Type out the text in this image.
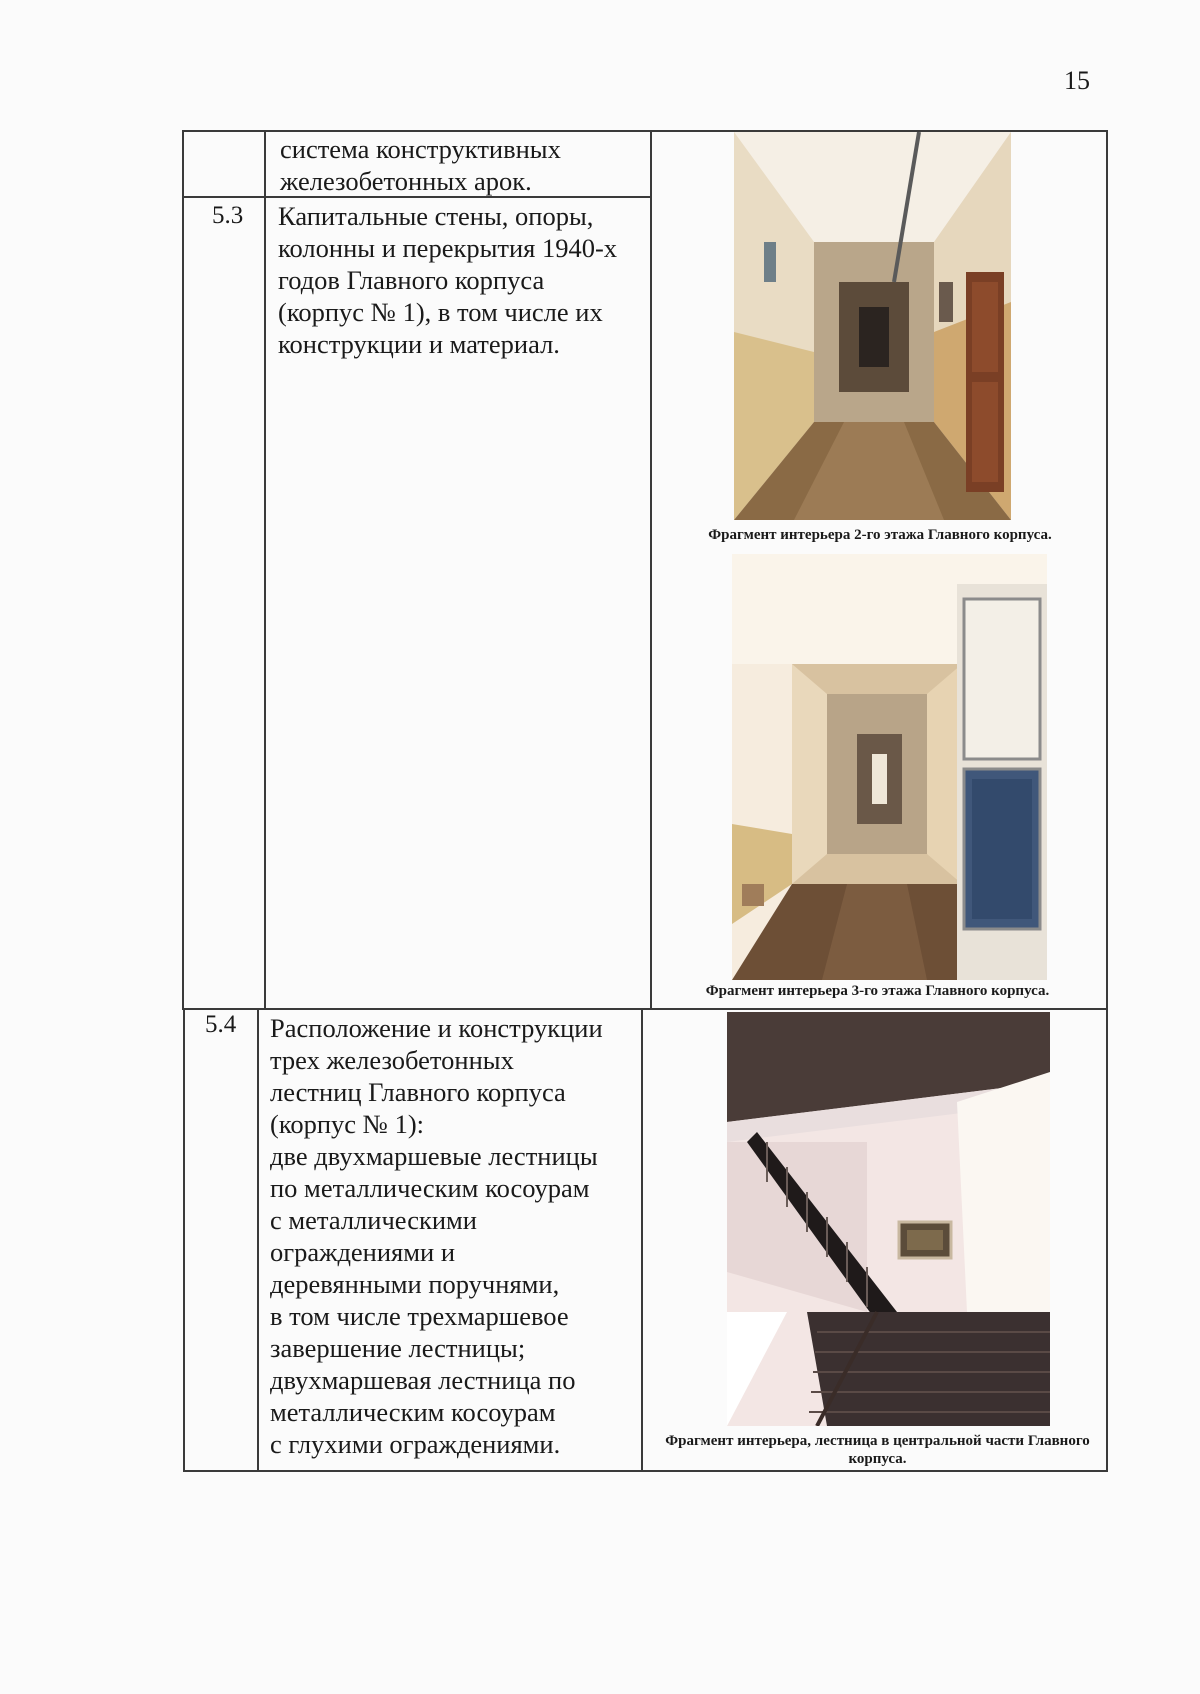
15
система конструктивных
железобетонных арок.
5.3 Капитальные стены, опоры,
колонны и перекрытия 1940-х
годов Главного корпуса
(корпус № 1), в том числе их
конструкции и материал.
Фрагмент интерьера 2-го этажа Главного корпуса.
Фрагмент интерьера 3-го этажа Главного корпуса.
5.4 Расположение и конструкции
трех железобетонных
лестниц Главного корпуса
(корпус № 1):
две двухмаршевые лестницы
по металлическим косоурам
с металлическими
ограждениями и
деревянными поручнями,
в том числе трехмаршевое
завершение лестницы;
двухмаршевая лестница по
металлическим косоурам
с глухими ограждениями.	Фрагмент интерьера, лестница в центральной части Главного корпуса.
